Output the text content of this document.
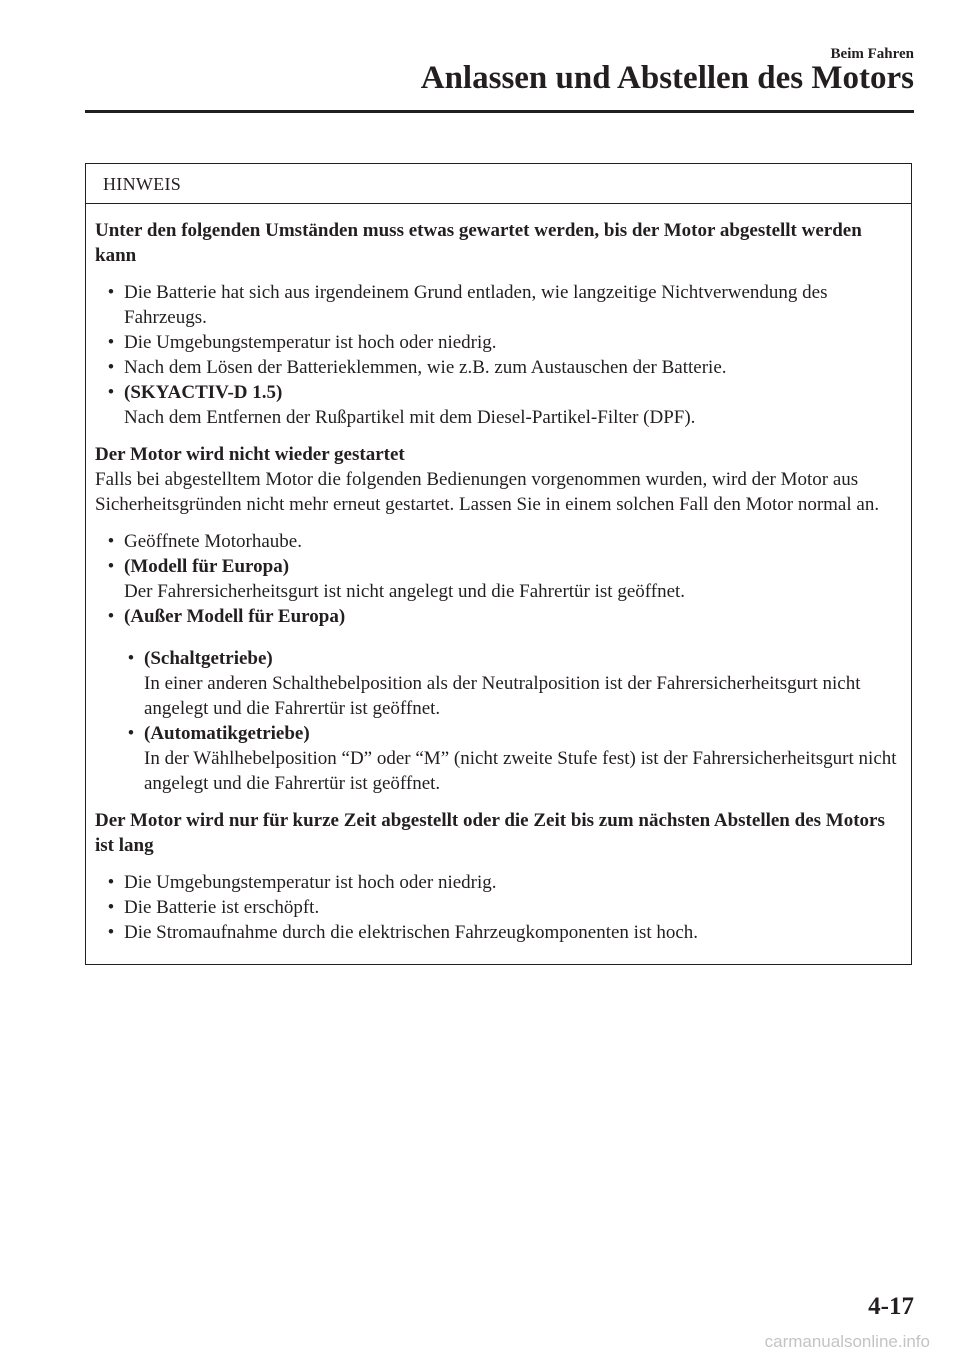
Beim Fahren
Anlassen und Abstellen des Motors
HINWEIS
Unter den folgenden Umständen muss etwas gewartet werden, bis der Motor abgestellt werden kann
• Die Batterie hat sich aus irgendeinem Grund entladen, wie langzeitige Nichtverwendung des Fahrzeugs.
• Die Umgebungstemperatur ist hoch oder niedrig.
• Nach dem Lösen der Batterieklemmen, wie z.B. zum Austauschen der Batterie.
• (SKYACTIV-D 1.5)
Nach dem Entfernen der Rußpartikel mit dem Diesel-Partikel-Filter (DPF).
Der Motor wird nicht wieder gestartet

Falls bei abgestelltem Motor die folgenden Bedienungen vorgenommen wurden, wird der Motor aus Sicherheitsgründen nicht mehr erneut gestartet. Lassen Sie in einem solchen Fall den Motor normal an.

• Geöffnete Motorhaube.
• (Modell für Europa)
Der Fahrersicherheitsgurt ist nicht angelegt und die Fahrertür ist geöffnet.
• (Außer Modell für Europa)
• (Schaltgetriebe)
In einer anderen Schalthebelposition als der Neutralposition ist der Fahrersicherheitsgurt nicht angelegt und die Fahrertür ist geöffnet.
• (Automatikgetriebe)
In der Wählhebelposition “D” oder “M” (nicht zweite Stufe fest) ist der Fahrersicherheitsgurt nicht angelegt und die Fahrertür ist geöffnet.
Der Motor wird nur für kurze Zeit abgestellt oder die Zeit bis zum nächsten Abstellen des Motors ist lang
• Die Umgebungstemperatur ist hoch oder niedrig.
• Die Batterie ist erschöpft.
• Die Stromaufnahme durch die elektrischen Fahrzeugkomponenten ist hoch.
4-17
carmanualsonline.info
